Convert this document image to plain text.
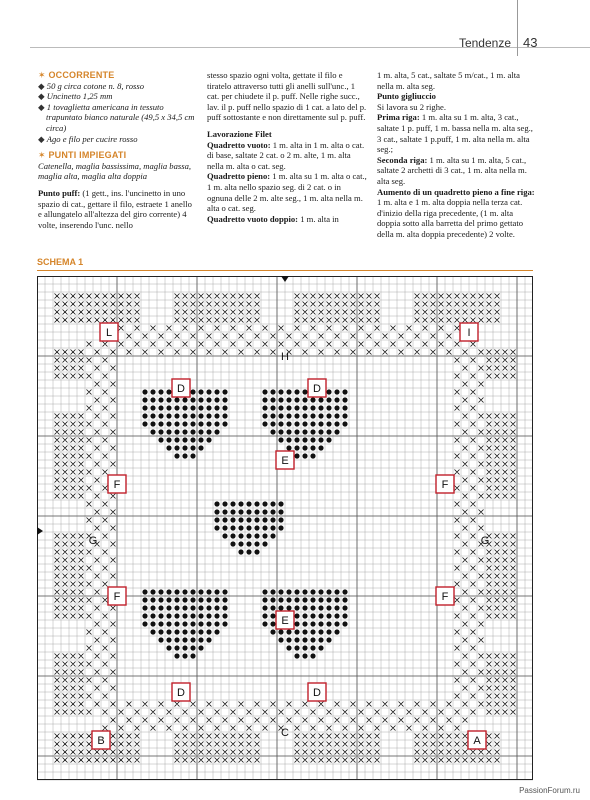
Tendenze 43
✶ OCCORRENTE
◆ 50 g circa cotone n. 8, rosso
◆ Uncinetto 1,25 mm
◆ 1 tovaglietta americana in tessuto trapuntato bianco naturale (49,5 x 34,5 cm circa)
◆ Ago e filo per cucire rosso
✶ PUNTI IMPIEGATI

Catenella, maglia bassissima, maglia bassa, maglia alta, maglia alta doppia

Punto puff: (1 gett., ins. l'uncinetto in uno spazio di cat., gettare il filo, estraete 1 anello e allungatelo all'altezza del giro corrente) 4 volte, inserendo l'unc. nello

stesso spazio ogni volta, gettate il filo e tiratelo attraverso tutti gli anelli sull'unc., 1 cat. per chiudete il p. puff. Nelle righe succ., lav. il p. puff nello spazio di 1 cat. a lato del p. puff sottostante e non direttamente sul p. puff.

Lavorazione Filet

Quadretto vuoto: 1 m. alta in 1 m. alta o cat. di base, saltate 2 cat. o 2 m. alte, 1 m. alta nella m. alta o cat. seg.

Quadretto pieno: 1 m. alta su 1 m. alta o cat., 1 m. alta nello spazio seg. di 2 cat. o in ognuna delle 2 m. alte seg., 1 m. alta nella m. alta o cat. seg.

Quadretto vuoto doppio: 1 m. alta in

1 m. alta, 5 cat., saltate 5 m/cat., 1 m. alta nella m. alta seg.

Punto gigliuccio

Si lavora su 2 righe.

Prima riga: 1 m. alta su 1 m. alta, 3 cat., saltate 1 p. puff, 1 m. bassa nella m. alta seg., 3 cat., saltate 1 p.puff, 1 m. alta nella m. alta seg.;

Seconda riga: 1 m. alta su 1 m. alta, 5 cat., saltate 2 archetti di 3 cat., 1 m. alta nella m. alta seg.

Aumento di un quadretto pieno a fine riga: 1 m. alta e 1 m. alta doppia nella terza cat. d'inizio della riga precedente, (1 m. alta doppia sotto alla barretta del primo gettato della m. alta doppia precedente) 2 volte.

SCHEMA 1
L	I
H
D	D
E
F	F
G	G
F	F
E
D	D
C
B	A
PassionForum.ru
